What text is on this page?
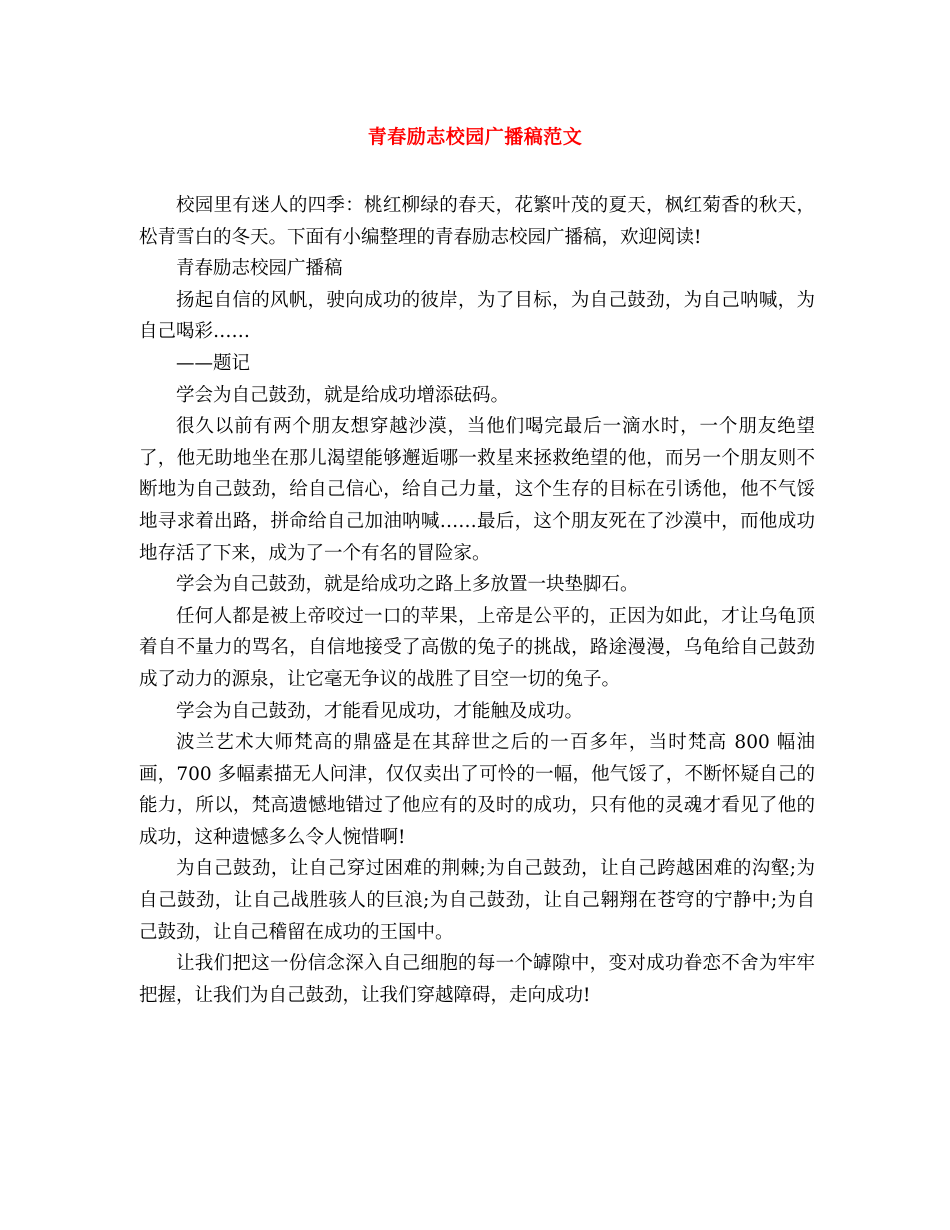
青春励志校园广播稿范文

校园里有迷人的四季：桃红柳绿的春天，花繁叶茂的夏天，枫红菊香的秋天，松青雪白的冬天。下面有小编整理的青春励志校园广播稿，欢迎阅读!

青春励志校园广播稿

扬起自信的风帆，驶向成功的彼岸，为了目标，为自己鼓劲，为自己呐喊，为自己喝彩……

——题记

学会为自己鼓劲，就是给成功增添砝码。

很久以前有两个朋友想穿越沙漠，当他们喝完最后一滴水时，一个朋友绝望了，他无助地坐在那儿渴望能够邂逅哪一救星来拯救绝望的他，而另一个朋友则不断地为自己鼓劲，给自己信心，给自己力量，这个生存的目标在引诱他，他不气馁地寻求着出路，拼命给自己加油呐喊……最后，这个朋友死在了沙漠中，而他成功地存活了下来，成为了一个有名的冒险家。

学会为自己鼓劲，就是给成功之路上多放置一块垫脚石。

任何人都是被上帝咬过一口的苹果，上帝是公平的，正因为如此，才让乌龟顶着自不量力的骂名，自信地接受了高傲的兔子的挑战，路途漫漫，乌龟给自己鼓劲成了动力的源泉，让它毫无争议的战胜了目空一切的兔子。

学会为自己鼓劲，才能看见成功，才能触及成功。

波兰艺术大师梵高的鼎盛是在其辞世之后的一百多年，当时梵高 800 幅油画，700 多幅素描无人问津，仅仅卖出了可怜的一幅，他气馁了，不断怀疑自己的能力，所以，梵高遗憾地错过了他应有的及时的成功，只有他的灵魂才看见了他的成功，这种遗憾多么令人惋惜啊!

为自己鼓劲，让自己穿过困难的荆棘;为自己鼓劲，让自己跨越困难的沟壑;为自己鼓劲，让自己战胜骇人的巨浪;为自己鼓劲，让自己翱翔在苍穹的宁静中;为自己鼓劲，让自己稽留在成功的王国中。

让我们把这一份信念深入自己细胞的每一个罅隙中，变对成功眷恋不舍为牢牢把握，让我们为自己鼓劲，让我们穿越障碍，走向成功!
